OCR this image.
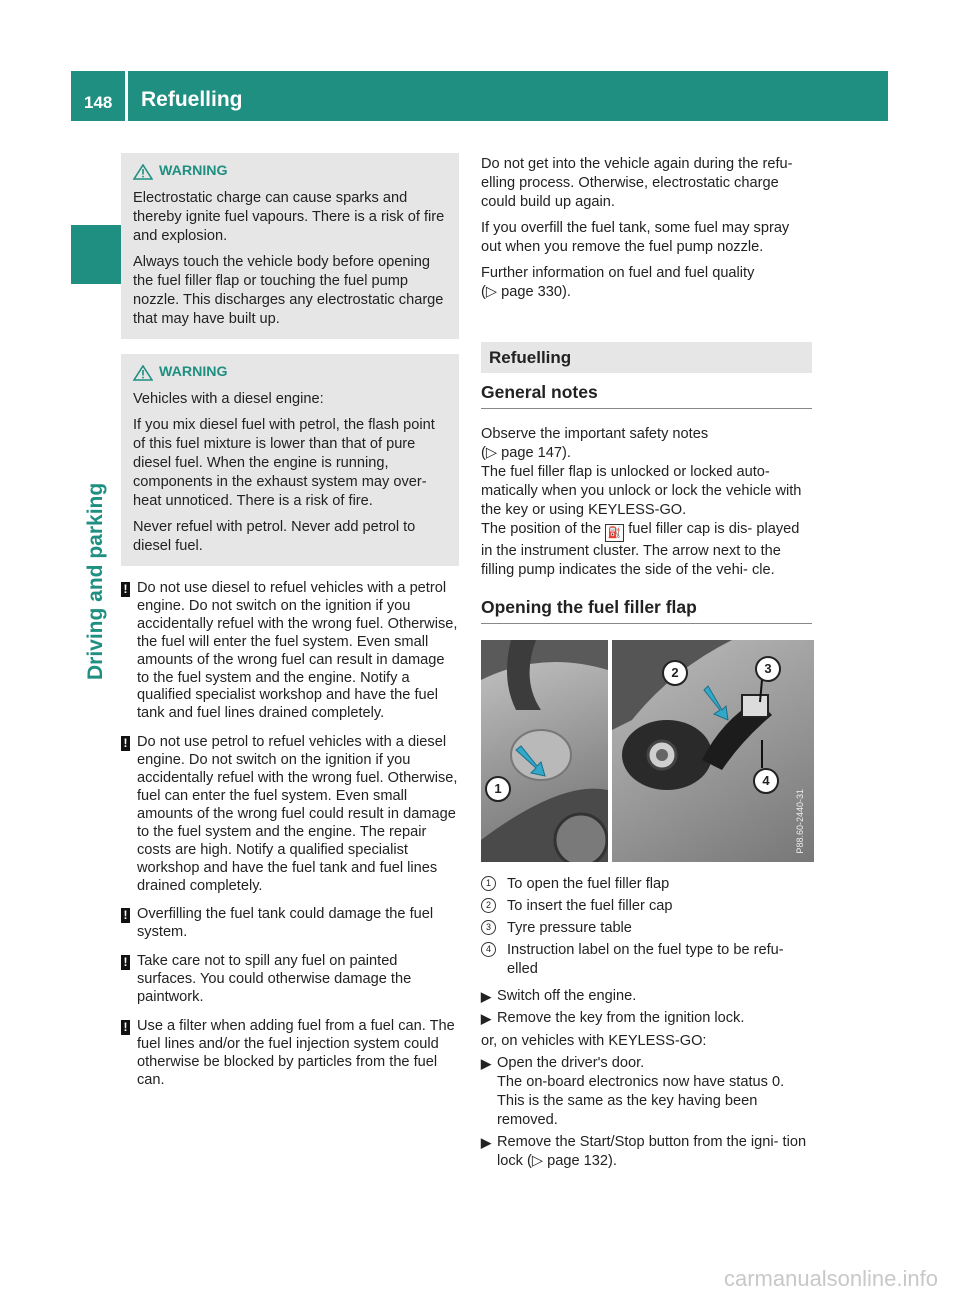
148 Refuelling
Driving and parking
WARNING

Electrostatic charge can cause sparks and thereby ignite fuel vapours. There is a risk of fire and explosion.

Always touch the vehicle body before opening the fuel filler flap or touching the fuel pump nozzle. This discharges any electrostatic charge that may have built up.

WARNING

Vehicles with a diesel engine:

If you mix diesel fuel with petrol, the flash point of this fuel mixture is lower than that of pure diesel fuel. When the engine is running, components in the exhaust system may over- heat unnoticed. There is a risk of fire.

Never refuel with petrol. Never add petrol to diesel fuel.

! Do not use diesel to refuel vehicles with a petrol engine. Do not switch on the ignition if you accidentally refuel with the wrong fuel. Otherwise, the fuel will enter the fuel system. Even small amounts of the wrong fuel can result in damage to the fuel system and the engine. Notify a qualified specialist workshop and have the fuel tank and fuel lines drained completely.
! Do not use petrol to refuel vehicles with a diesel engine. Do not switch on the ignition if you accidentally refuel with the wrong fuel. Otherwise, fuel can enter the fuel system. Even small amounts of the wrong fuel could result in damage to the fuel system and the engine. The repair costs are high. Notify a qualified specialist workshop and have the fuel tank and fuel lines drained completely.
! Overfilling the fuel tank could damage the fuel system.
! Take care not to spill any fuel on painted surfaces. You could otherwise damage the paintwork.
! Use a filter when adding fuel from a fuel can. The fuel lines and/or the fuel injection system could otherwise be blocked by particles from the fuel can.

Do not get into the vehicle again during the refu- elling process. Otherwise, electrostatic charge could build up again.

If you overfill the fuel tank, some fuel may spray out when you remove the fuel pump nozzle.

Further information on fuel and fuel quality
(▷ page 330).

Refuelling
General notes

Observe the important safety notes
(▷ page 147).

The fuel filler flap is unlocked or locked auto- matically when you unlock or lock the vehicle with the key or using KEYLESS-GO.

The position of the ⛽ fuel filler cap is dis- played in the instrument cluster. The arrow next to the filling pump indicates the side of the vehi- cle.

Opening the fuel filler flap
1
2	3
4
P88.60-2440-31
1	To open the fuel filler flap
2	To insert the fuel filler cap
3	Tyre pressure table
4	Instruction label on the fuel type to be refu- elled
▶ Switch off the engine.
▶ Remove the key from the ignition lock.

or, on vehicles with KEYLESS-GO:

▶ Open the driver's door.
The on-board electronics now have status 0.
This is the same as the key having been removed.
▶ Remove the Start/Stop button from the igni- tion lock (▷ page 132).
carmanualsonline.info
